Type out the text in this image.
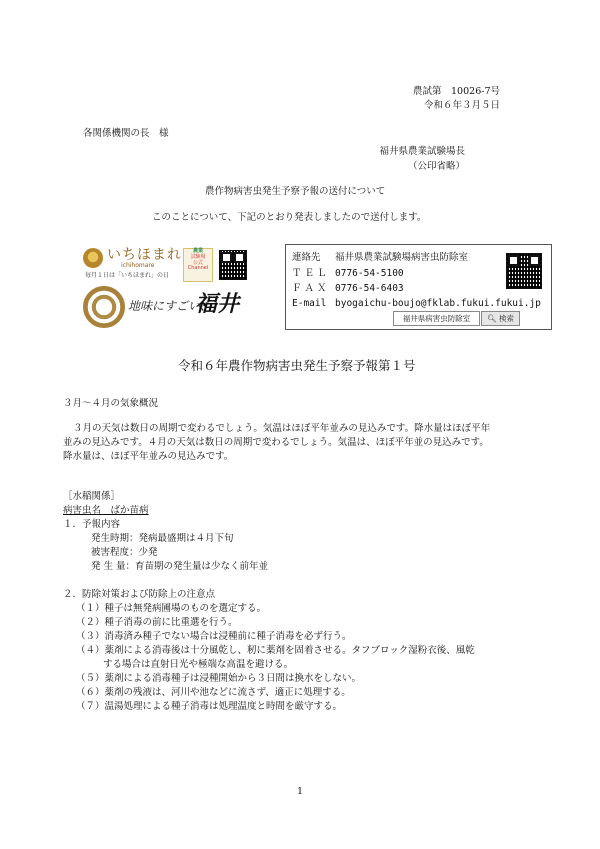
農試第　10026-7号
令和６年３月５日
各関係機関の長　様
福井県農業試験場長
（公印省略）
農作物病害虫発生予察予報の送付について
このことについて、下記のとおり発表しましたので送付します。
いちほまれ
ichihomare
毎月１日は「いちほまれ」の日
農業
試験場
公式Channel
地味にすごい、
福井
連絡先 福井県農業試験場病害虫防除室
ＴＥＬ 0776-54-5100
ＦＡＸ 0776-54-6403
E-mail byogaichu-boujo@fklab.fukui.fukui.jp
福井県病害虫防除室	🔍︎ 検索
令和６年農作物病害虫発生予察予報第１号
３月～４月の気象概況
３月の天気は数日の周期で変わるでしょう。気温はほぼ平年並みの見込みです。降水量はほぼ平年
並みの見込みです。４月の天気は数日の周期で変わるでしょう。気温は、ほぼ平年並の見込みです。
降水量は、ほぼ平年並みの見込みです。
［水稲関係］
病害虫名　ばか苗病
１．予報内容
発生時期：発病最盛期は４月下旬
被害程度：少発
発 生 量：育苗期の発生量は少なく前年並
２．防除対策および防除上の注意点
（１）種子は無発病圃場のものを選定する。
（２）種子消毒の前に比重選を行う。
（３）消毒済み種子でない場合は浸種前に種子消毒を必ず行う。
（４）薬剤による消毒後は十分風乾し、籾に薬剤を固着させる。タフブロック湿粉衣後、風乾
する場合は直射日光や極端な高温を避ける。
（５）薬剤による消毒種子は浸種開始から３日間は換水をしない。
（６）薬剤の残液は、河川や池などに流さず、適正に処理する。
（７）温湯処理による種子消毒は処理温度と時間を厳守する。
1
